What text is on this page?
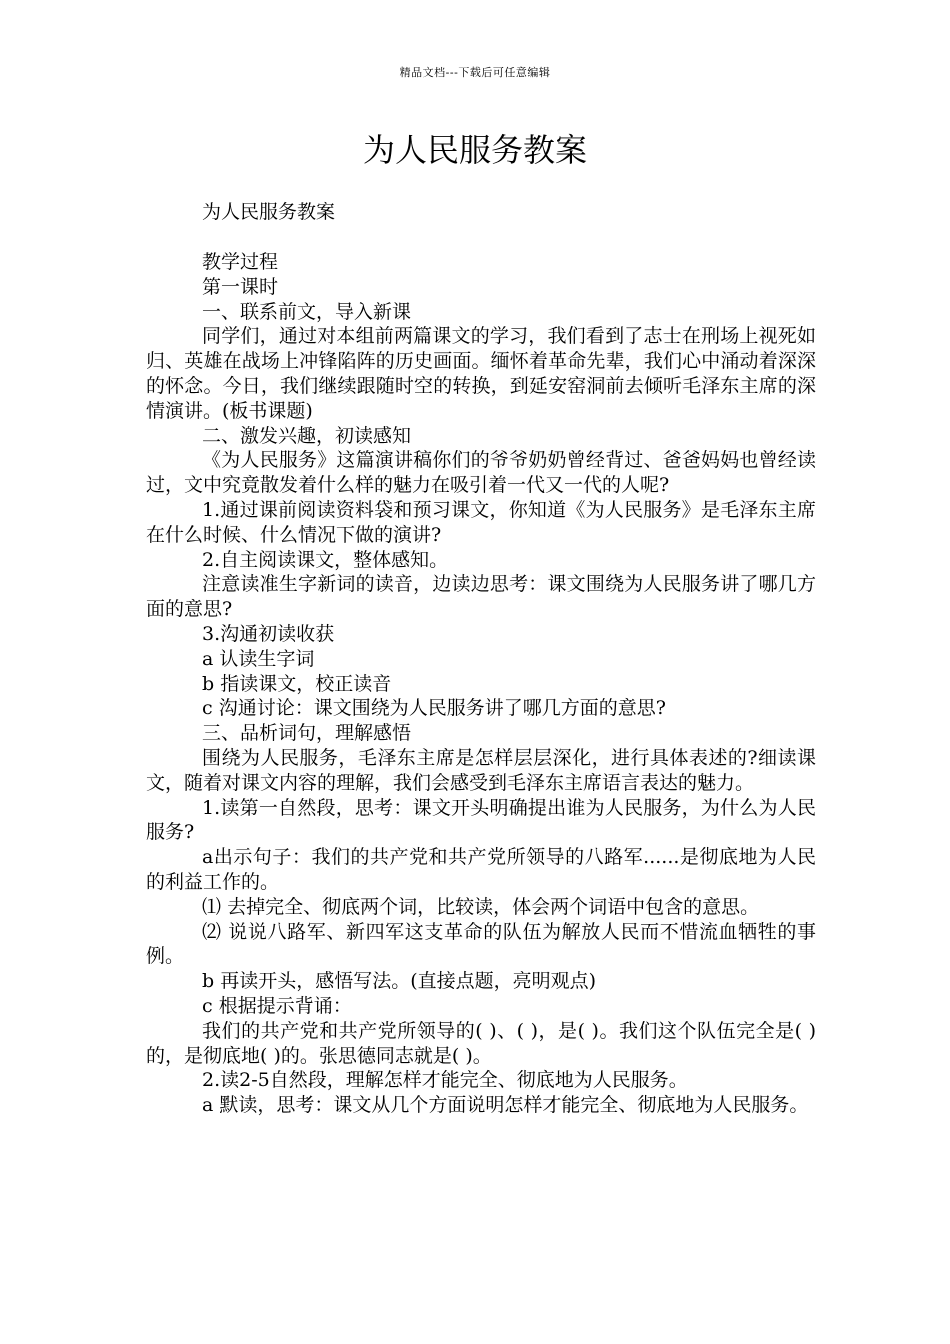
精品文档---下载后可任意编辑
为人民服务教案

为人民服务教案

教学过程
第一课时
一、联系前文，导入新课
同学们，通过对本组前两篇课文的学习，我们看到了志士在刑场上视死如归、英雄在战场上冲锋陷阵的历史画面。缅怀着革命先辈，我们心中涌动着深深的怀念。今日，我们继续跟随时空的转换，到延安窑洞前去倾听毛泽东主席的深情演讲。(板书课题)
二、激发兴趣，初读感知
《为人民服务》这篇演讲稿你们的爷爷奶奶曾经背过、爸爸妈妈也曾经读过，文中究竟散发着什么样的魅力在吸引着一代又一代的人呢?
1.通过课前阅读资料袋和预习课文，你知道《为人民服务》是毛泽东主席在什么时候、什么情况下做的演讲?
2.自主阅读课文，整体感知。
注意读准生字新词的读音，边读边思考：课文围绕为人民服务讲了哪几方面的意思?
3.沟通初读收获
a 认读生字词
b 指读课文，校正读音
c 沟通讨论：课文围绕为人民服务讲了哪几方面的意思?
三、品析词句，理解感悟
围绕为人民服务，毛泽东主席是怎样层层深化，进行具体表述的?细读课文，随着对课文内容的理解，我们会感受到毛泽东主席语言表达的魅力。
1.读第一自然段，思考：课文开头明确提出谁为人民服务，为什么为人民服务?
a出示句子：我们的共产党和共产党所领导的八路军......是彻底地为人民的利益工作的。
⑴ 去掉完全、彻底两个词，比较读，体会两个词语中包含的意思。
⑵ 说说八路军、新四军这支革命的队伍为解放人民而不惜流血牺牲的事例。
b 再读开头，感悟写法。(直接点题，亮明观点)
c 根据提示背诵：
我们的共产党和共产党所领导的( )、( )，是( )。我们这个队伍完全是( )的，是彻底地( )的。张思德同志就是( )。
2.读2-5自然段，理解怎样才能完全、彻底地为人民服务。
a 默读，思考：课文从几个方面说明怎样才能完全、彻底地为人民服务。
